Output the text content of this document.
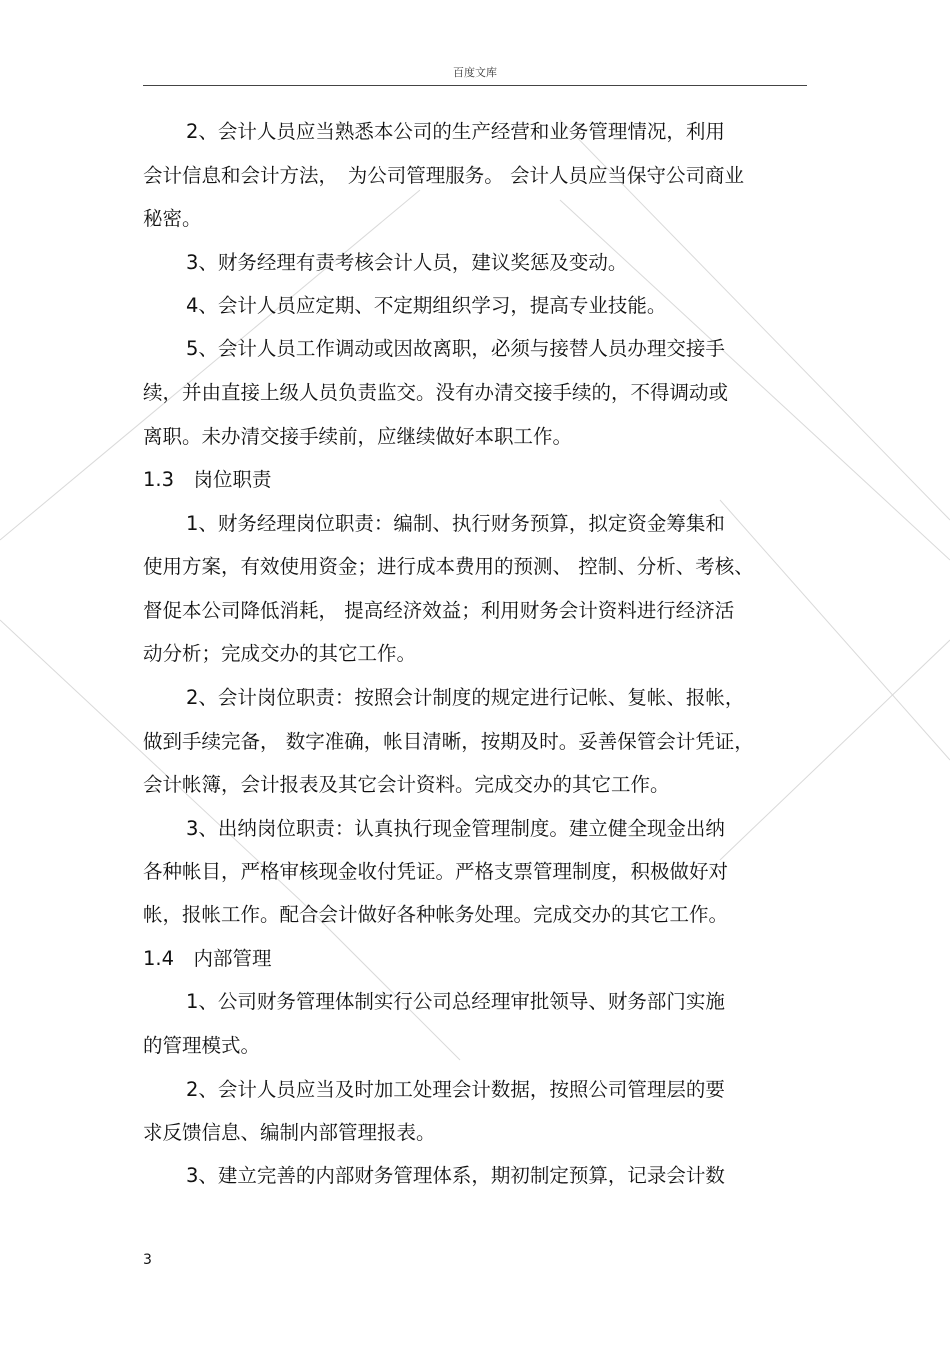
百度文库
2、会计人员应当熟悉本公司的生产经营和业务管理情况，利用
会计信息和会计方法，　为公司管理服务。 会计人员应当保守公司商业
秘密。
3、财务经理有责考核会计人员，建议奖惩及变动。
4、会计人员应定期、不定期组织学习，提高专业技能。
5、会计人员工作调动或因故离职，必须与接替人员办理交接手
续，并由直接上级人员负责监交。没有办清交接手续的，不得调动或
离职。未办清交接手续前，应继续做好本职工作。
1.3　岗位职责
1、财务经理岗位职责：编制、执行财务预算，拟定资金筹集和
使用方案，有效使用资金；进行成本费用的预测、 控制、分析、考核、
督促本公司降低消耗， 提高经济效益；利用财务会计资料进行经济活
动分析；完成交办的其它工作。
2、会计岗位职责：按照会计制度的规定进行记帐、复帐、报帐，
做到手续完备， 数字准确，帐目清晰，按期及时。妥善保管会计凭证，
会计帐簿，会计报表及其它会计资料。完成交办的其它工作。
3、出纳岗位职责：认真执行现金管理制度。建立健全现金出纳
各种帐目，严格审核现金收付凭证。严格支票管理制度，积极做好对
帐，报帐工作。配合会计做好各种帐务处理。完成交办的其它工作。
1.4　内部管理
1、公司财务管理体制实行公司总经理审批领导、财务部门实施
的管理模式。
2、会计人员应当及时加工处理会计数据，按照公司管理层的要
求反馈信息、编制内部管理报表。
3、建立完善的内部财务管理体系，期初制定预算，记录会计数
3
